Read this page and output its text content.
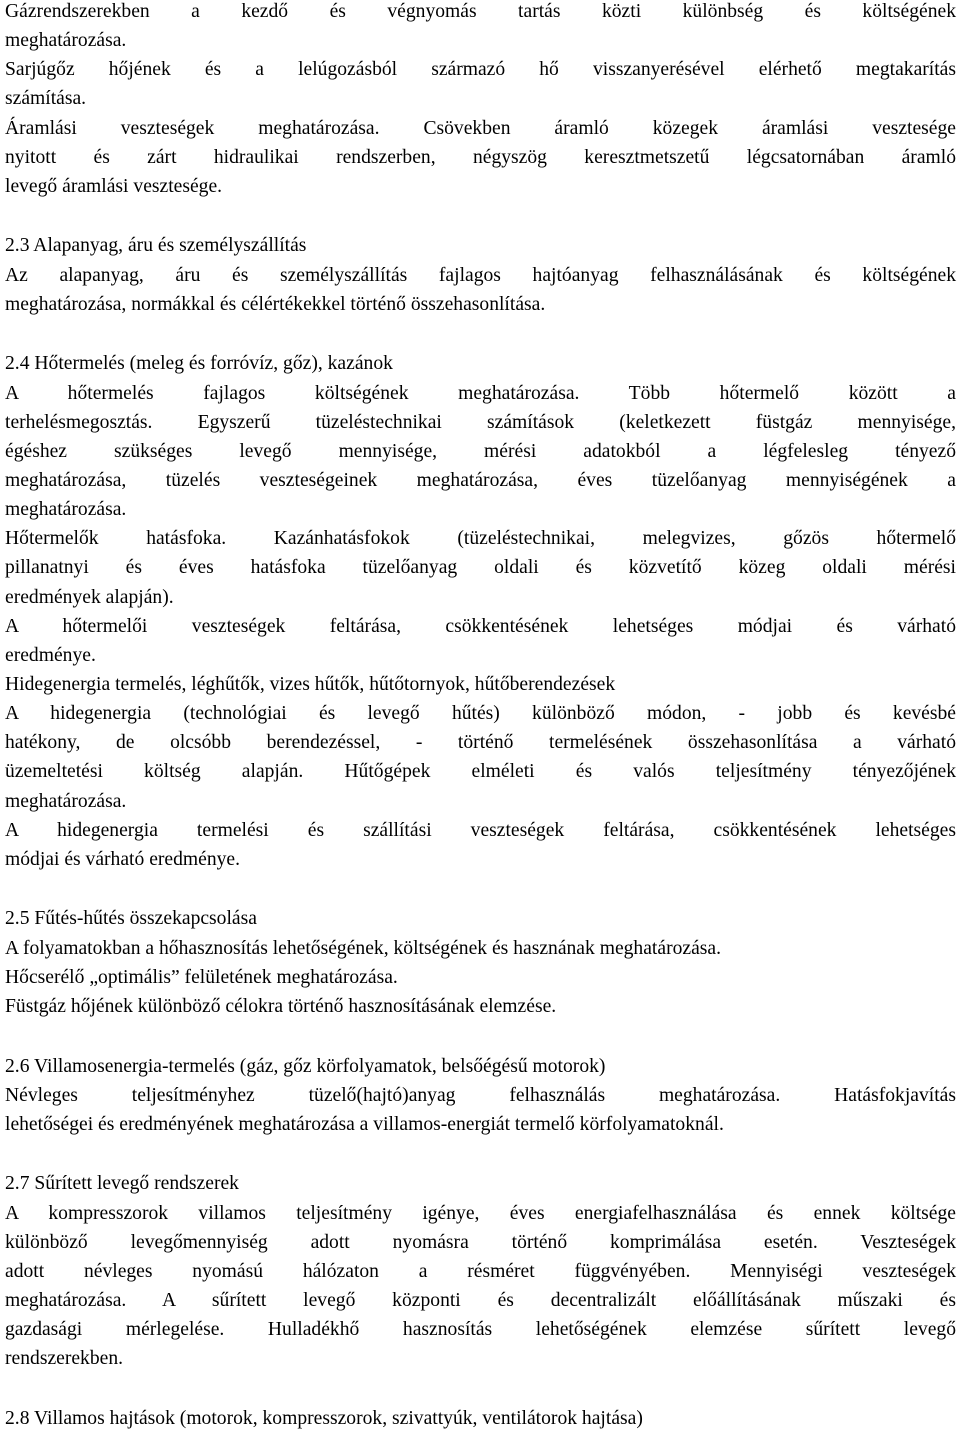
Gázrendszerekben a kezdő és végnyomás tartás közti különbség és költségének
meghatározása.
Sarjúgőz hőjének és a lelúgozásból származó hő visszanyerésével elérhető megtakarítás
számítása.
Áramlási veszteségek meghatározása. Csövekben áramló közegek áramlási vesztesége
nyitott és zárt hidraulikai rendszerben, négyszög keresztmetszetű légcsatornában áramló
levegő áramlási vesztesége.
2.3 Alapanyag, áru és személyszállítás
Az alapanyag, áru és személyszállítás fajlagos hajtóanyag felhasználásának és költségének
meghatározása, normákkal és célértékekkel történő összehasonlítása.
2.4 Hőtermelés (meleg és forróvíz, gőz), kazánok
A hőtermelés fajlagos költségének meghatározása. Több hőtermelő között a
terhelésmegosztás. Egyszerű tüzeléstechnikai számítások (keletkezett füstgáz mennyisége,
égéshez szükséges levegő mennyisége, mérési adatokból a légfelesleg tényező
meghatározása, tüzelés veszteségeinek meghatározása, éves tüzelőanyag mennyiségének a
meghatározása.
Hőtermelők hatásfoka. Kazánhatásfokok (tüzeléstechnikai, melegvizes, gőzös hőtermelő
pillanatnyi és éves hatásfoka tüzelőanyag oldali és közvetítő közeg oldali mérési
eredmények alapján).
A hőtermelői veszteségek feltárása, csökkentésének lehetséges módjai és várható
eredménye.
Hidegenergia termelés, léghűtők, vizes hűtők, hűtőtornyok, hűtőberendezések
A hidegenergia (technológiai és levegő hűtés) különböző módon, - jobb és kevésbé
hatékony, de olcsóbb berendezéssel, - történő termelésének összehasonlítása a várható
üzemeltetési költség alapján. Hűtőgépek elméleti és valós teljesítmény tényezőjének
meghatározása.
A hidegenergia termelési és szállítási veszteségek feltárása, csökkentésének lehetséges
módjai és várható eredménye.
2.5 Fűtés-hűtés összekapcsolása
A folyamatokban a hőhasznosítás lehetőségének, költségének és hasznának meghatározása.
Hőcserélő „optimális” felületének meghatározása.
Füstgáz hőjének különböző célokra történő hasznosításának elemzése.
2.6 Villamosenergia-termelés (gáz, gőz körfolyamatok, belsőégésű motorok)
Névleges teljesítményhez tüzelő(hajtó)anyag felhasználás meghatározása. Hatásfokjavítás
lehetőségei és eredményének meghatározása a villamos-energiát termelő körfolyamatoknál.
2.7 Sűrített levegő rendszerek
A kompresszorok villamos teljesítmény igénye, éves energiafelhasználása és ennek költsége
különböző levegőmennyiség adott nyomásra történő komprimálása esetén. Veszteségek
adott névleges nyomású hálózaton a résméret függvényében. Mennyiségi veszteségek
meghatározása. A sűrített levegő központi és decentralizált előállításának műszaki és
gazdasági mérlegelése. Hulladékhő hasznosítás lehetőségének elemzése sűrített levegő
rendszerekben.
2.8 Villamos hajtások (motorok, kompresszorok, szivattyúk, ventilátorok hajtása)
